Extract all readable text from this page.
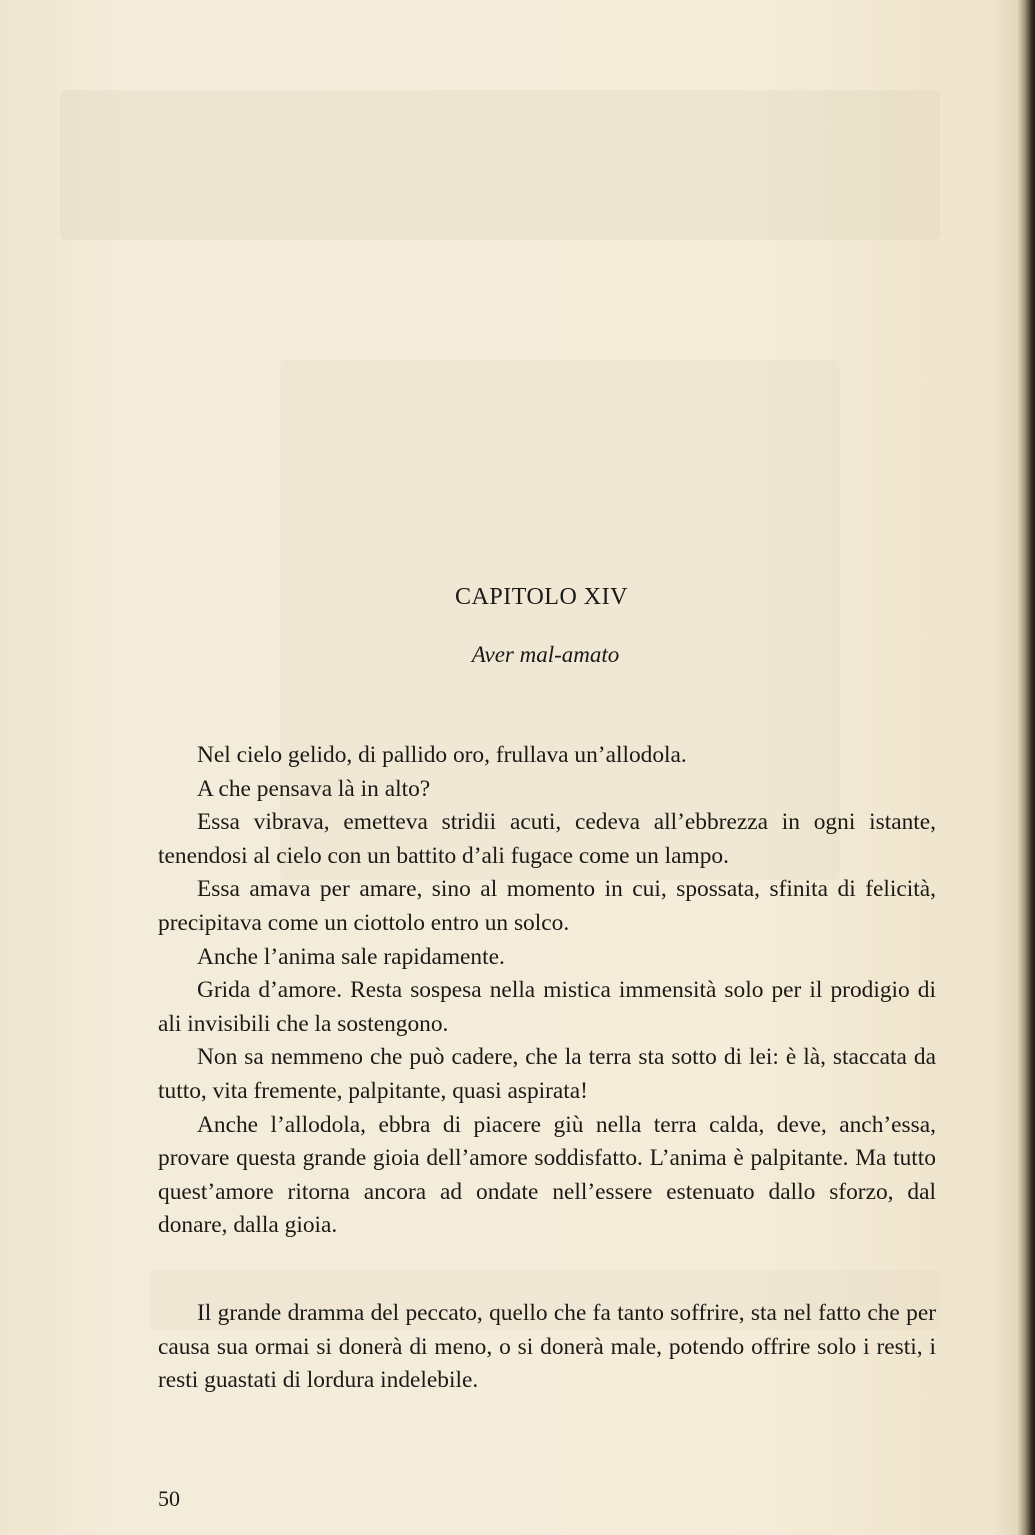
CAPITOLO XIV
Aver mal-amato

Nel cielo gelido, di pallido oro, frullava un’allodola.

A che pensava là in alto?

Essa vibrava, emetteva stridii acuti, cedeva all’ebbrezza in ogni istante, tenendosi al cielo con un battito d’ali fugace come un lampo.

Essa amava per amare, sino al momento in cui, spossata, sfinita di felicità, precipitava come un ciottolo entro un solco.

Anche l’anima sale rapidamente.

Grida d’amore. Resta sospesa nella mistica immensità solo per il prodigio di ali invisibili che la sostengono.

Non sa nemmeno che può cadere, che la terra sta sotto di lei: è là, staccata da tutto, vita fremente, palpitante, quasi aspirata!

Anche l’allodola, ebbra di piacere giù nella terra calda, deve, anch’essa, provare questa grande gioia dell’amore soddisfatto. L’anima è palpitante. Ma tutto quest’amore ritorna ancora ad ondate nell’essere estenuato dallo sforzo, dal donare, dalla gioia.

Il grande dramma del peccato, quello che fa tanto soffrire, sta nel fatto che per causa sua ormai si donerà di meno, o si donerà male, potendo offrire solo i resti, i resti guastati di lordura indelebile.

50
